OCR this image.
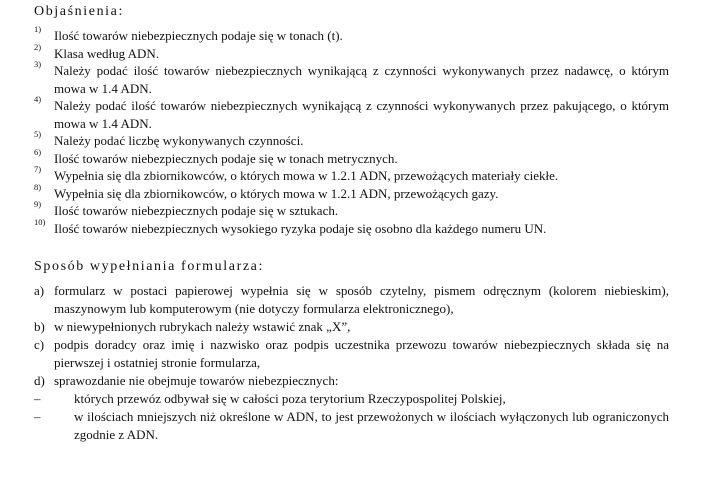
Objaśnienia:
1) Ilość towarów niebezpiecznych podaje się w tonach (t).
2) Klasa według ADN.
3) Należy podać ilość towarów niebezpiecznych wynikającą z czynności wykonywanych przez nadawcę, o którym mowa w 1.4 ADN.
4) Należy podać ilość towarów niebezpiecznych wynikającą z czynności wykonywanych przez pakującego, o którym mowa w 1.4 ADN.
5) Należy podać liczbę wykonywanych czynności.
6) Ilość towarów niebezpiecznych podaje się w tonach metrycznych.
7) Wypełnia się dla zbiornikowców, o których mowa w 1.2.1 ADN, przewożących materiały ciekłe.
8) Wypełnia się dla zbiornikowców, o których mowa w 1.2.1 ADN, przewożących gazy.
9) Ilość towarów niebezpiecznych podaje się w sztukach.
10) Ilość towarów niebezpiecznych wysokiego ryzyka podaje się osobno dla każdego numeru UN.
Sposób wypełniania formularza:
a) formularz w postaci papierowej wypełnia się w sposób czytelny, pismem odręcznym (kolorem niebieskim), maszynowym lub komputerowym (nie dotyczy formularza elektronicznego),
b) w niewypełnionych rubrykach należy wstawić znak „X”,
c) podpis doradcy oraz imię i nazwisko oraz podpis uczestnika przewozu towarów niebezpiecznych składa się na pierwszej i ostatniej stronie formularza,
d) sprawozdanie nie obejmuje towarów niebezpiecznych:
–	których przewóz odbywał się w całości poza terytorium Rzeczypospolitej Polskiej,
–	w ilościach mniejszych niż określone w ADN, to jest przewożonych w ilościach wyłączonych lub ograniczonych zgodnie z ADN.
